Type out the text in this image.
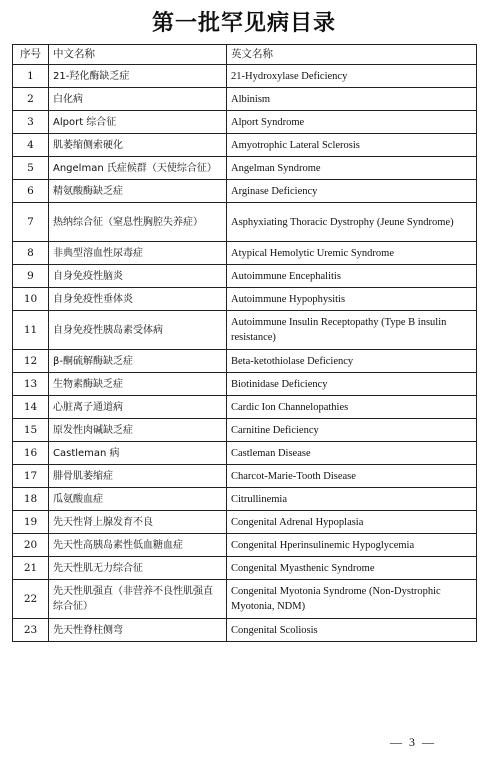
第一批罕见病目录
序号	中文名称	英文名称
1	21-羟化酶缺乏症	21-Hydroxylase Deficiency
2	白化病	Albinism
3	Alport 综合征	Alport Syndrome
4	肌萎缩侧索硬化	Amyotrophic Lateral Sclerosis
5	Angelman 氏症候群（天使综合征）	Angelman Syndrome
6	精氨酸酶缺乏症	Arginase Deficiency
7	热纳综合征（窒息性胸腔失养症）	Asphyxiating Thoracic Dystrophy (Jeune Syndrome)
8	非典型溶血性尿毒症	Atypical Hemolytic Uremic Syndrome
9	自身免疫性脑炎	Autoimmune Encephalitis
10	自身免疫性垂体炎	Autoimmune Hypophysitis
11	自身免疫性胰岛素受体病	Autoimmune Insulin Receptopathy (Type B insulin resistance)
12	β-酮硫解酶缺乏症	Beta-ketothiolase Deficiency
13	生物素酶缺乏症	Biotinidase Deficiency
14	心脏离子通道病	Cardic Ion Channelopathies
15	原发性肉碱缺乏症	Carnitine Deficiency
16	Castleman 病	Castleman Disease
17	腓骨肌萎缩症	Charcot-Marie-Tooth Disease
18	瓜氨酸血症	Citrullinemia
19	先天性肾上腺发育不良	Congenital Adrenal Hypoplasia
20	先天性高胰岛素性低血糖血症	Congenital Hperinsulinemic Hypoglycemia
21	先天性肌无力综合征	Congenital Myasthenic Syndrome
22	先天性肌强直（非营养不良性肌强直综合征）	Congenital Myotonia Syndrome (Non-Dystrophic Myotonia, NDM)
23	先天性脊柱侧弯	Congenital Scoliosis
— 3 —
